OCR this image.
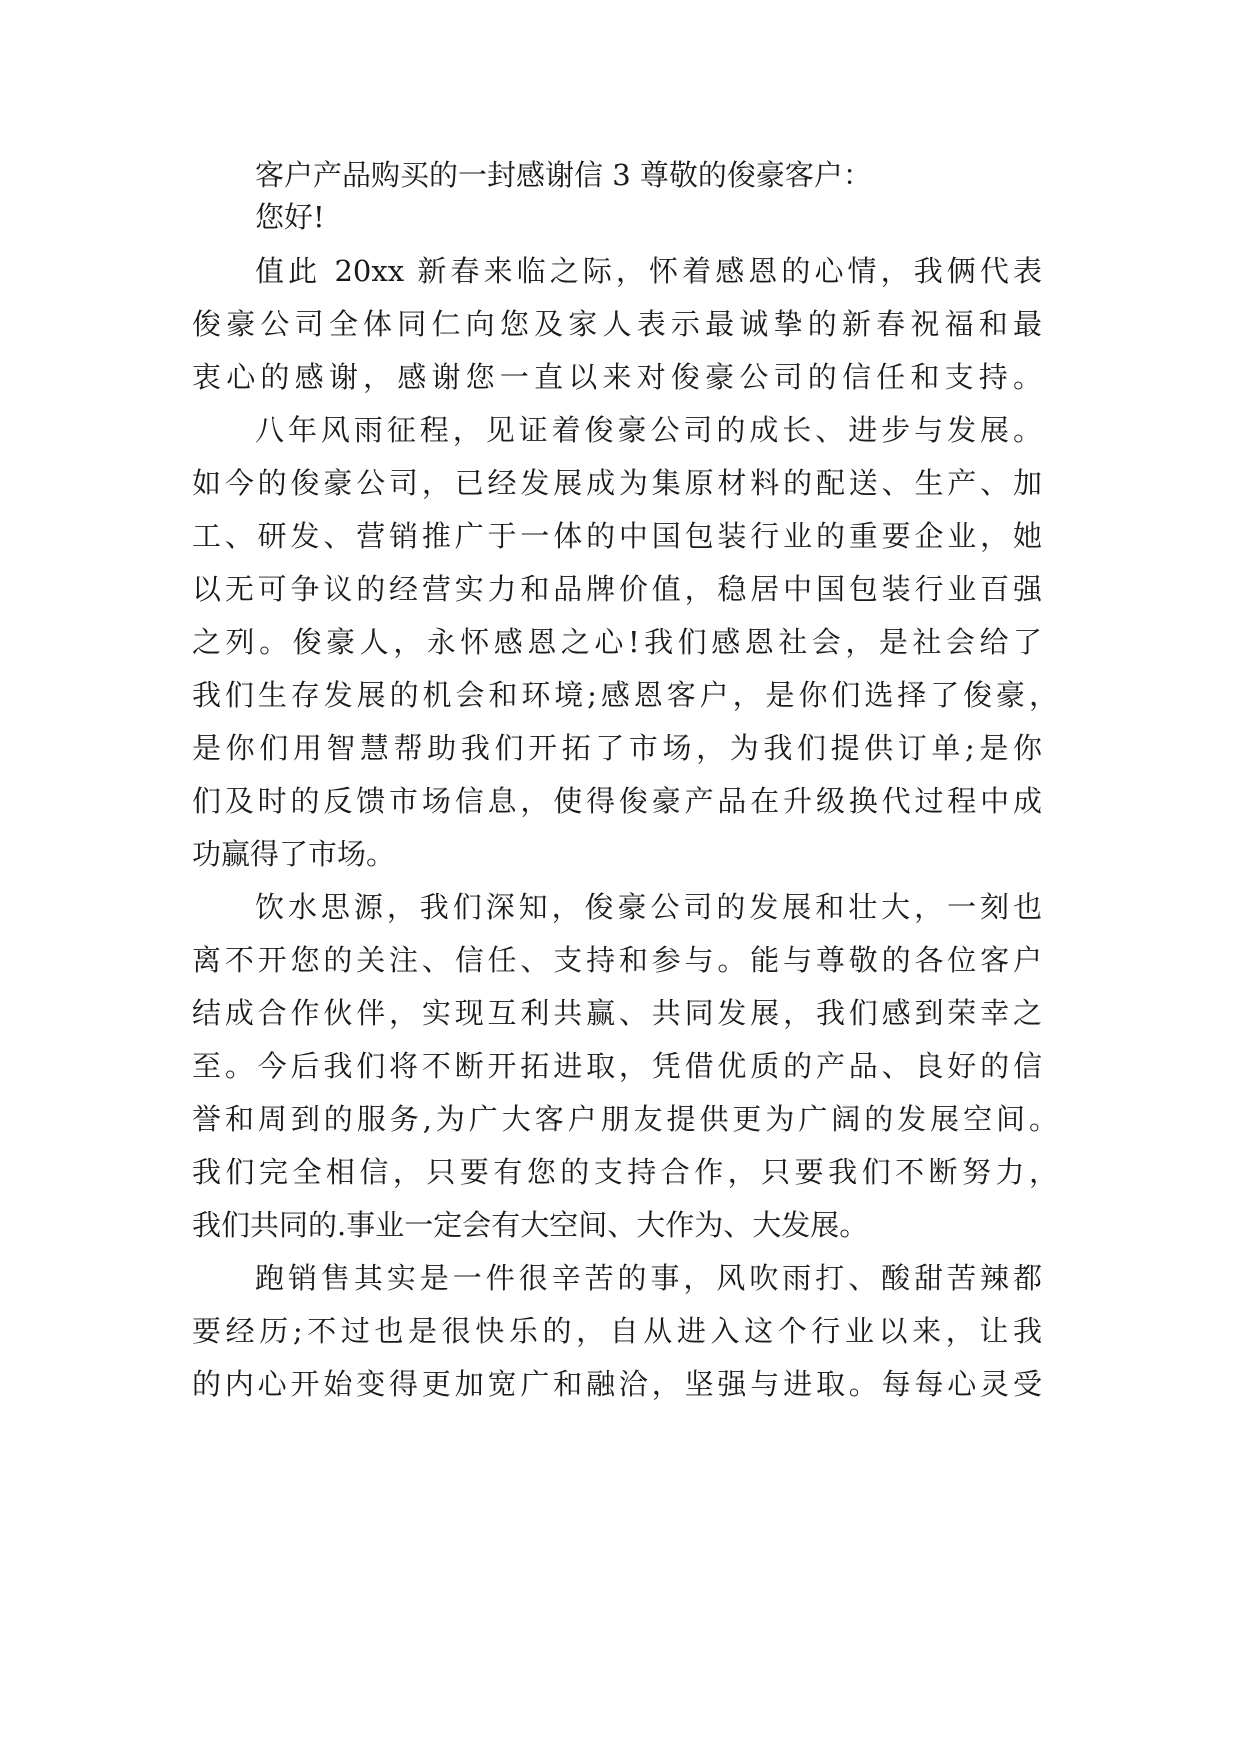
客户产品购买的一封感谢信 3 尊敬的俊豪客户：

您好!

值此 20xx 新春来临之际，怀着感恩的心情，我俩代表

俊豪公司全体同仁向您及家人表示最诚挚的新春祝福和最

衷心的感谢，感谢您一直以来对俊豪公司的信任和支持。

八年风雨征程，见证着俊豪公司的成长、进步与发展。

如今的俊豪公司，已经发展成为集原材料的配送、生产、加

工、研发、营销推广于一体的中国包装行业的重要企业，她

以无可争议的经营实力和品牌价值，稳居中国包装行业百强

之列。俊豪人，永怀感恩之心!我们感恩社会，是社会给了

我们生存发展的机会和环境;感恩客户，是你们选择了俊豪，

是你们用智慧帮助我们开拓了市场，为我们提供订单;是你

们及时的反馈市场信息，使得俊豪产品在升级换代过程中成

功赢得了市场。

饮水思源，我们深知，俊豪公司的发展和壮大，一刻也

离不开您的关注、信任、支持和参与。能与尊敬的各位客户

结成合作伙伴，实现互利共赢、共同发展，我们感到荣幸之

至。今后我们将不断开拓进取，凭借优质的产品、良好的信

誉和周到的服务,为广大客户朋友提供更为广阔的发展空间。

我们完全相信，只要有您的支持合作，只要我们不断努力，

我们共同的.事业一定会有大空间、大作为、大发展。

跑销售其实是一件很辛苦的事，风吹雨打、酸甜苦辣都

要经历;不过也是很快乐的，自从进入这个行业以来，让我

的内心开始变得更加宽广和融洽，坚强与进取。每每心灵受
